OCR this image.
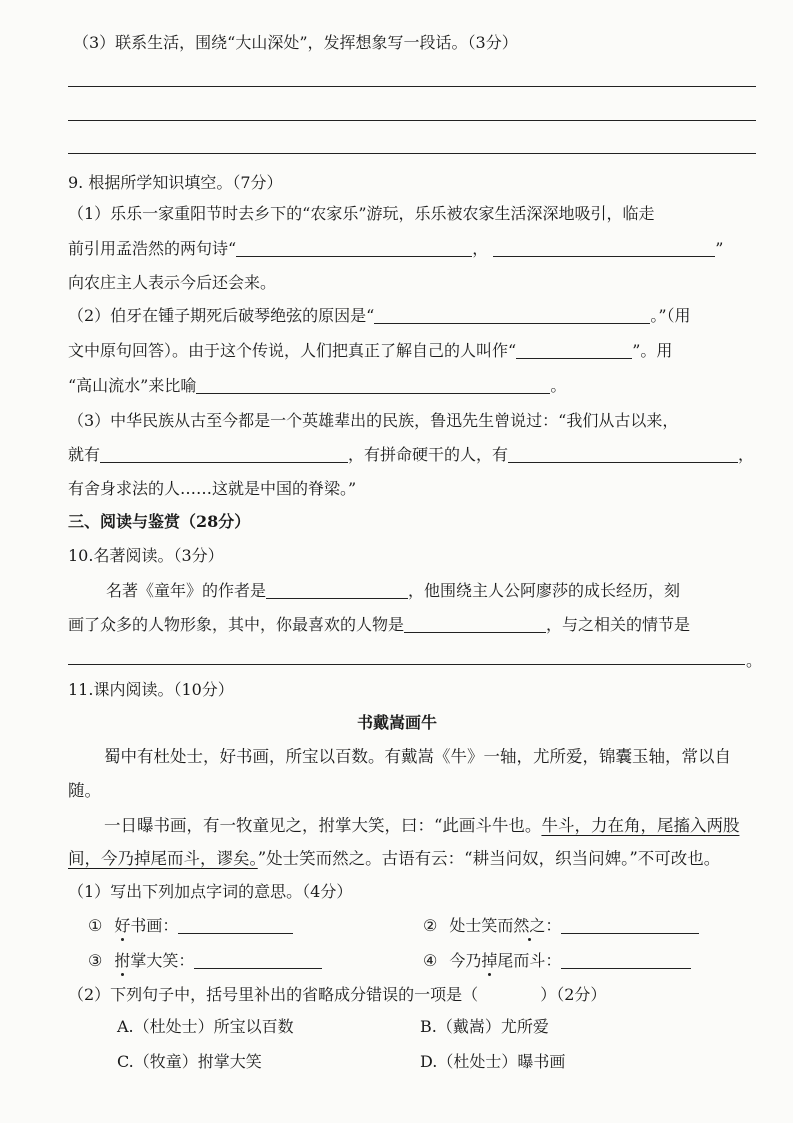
（3）联系生活，围绕“大山深处”，发挥想象写一段话。（3分）
9. 根据所学知识填空。（7分）
（1）乐乐一家重阳节时去乡下的“农家乐”游玩，乐乐被农家生活深深地吸引，临走
前引用孟浩然的两句诗“	，	”
向农庄主人表示今后还会来。
（2）伯牙在锺子期死后破琴绝弦的原因是“	。”（用
文中原句回答）。由于这个传说，人们把真正了解自己的人叫作“	”。用
“高山流水”来比喻	。
（3）中华民族从古至今都是一个英雄辈出的民族，鲁迅先生曾说过：“我们从古以来，
就有	，有拼命硬干的人，有	，
有舍身求法的人……这就是中国的脊梁。”
三、阅读与鉴赏（28分）
10.名著阅读。（3分）
名著《童年》的作者是	，他围绕主人公阿廖莎的成长经历，刻
画了众多的人物形象，其中，你最喜欢的人物是	，与之相关的情节是
。
11.课内阅读。（10分）
书戴嵩画牛
蜀中有杜处士，好书画，所宝以百数。有戴嵩《牛》一轴，尤所爱，锦囊玉轴，常以自
随。
一日曝书画，有一牧童见之，拊掌大笑，曰：“此画斗牛也。牛斗，力在角，尾搐入两股
间，今乃掉尾而斗，谬矣。”处士笑而然之。古语有云：“耕当问奴，织当问婢。”不可改也。
（1）写出下列加点字词的意思。（4分）
① 好书画：	② 处士笑而然之：
③ 拊掌大笑：	④ 今乃掉尾而斗：
（2）下列句子中，括号里补出的省略成分错误的一项是（	）（2分）
A.（杜处士）所宝以百数	B.（戴嵩）尤所爱
C.（牧童）拊掌大笑	D.（杜处士）曝书画
